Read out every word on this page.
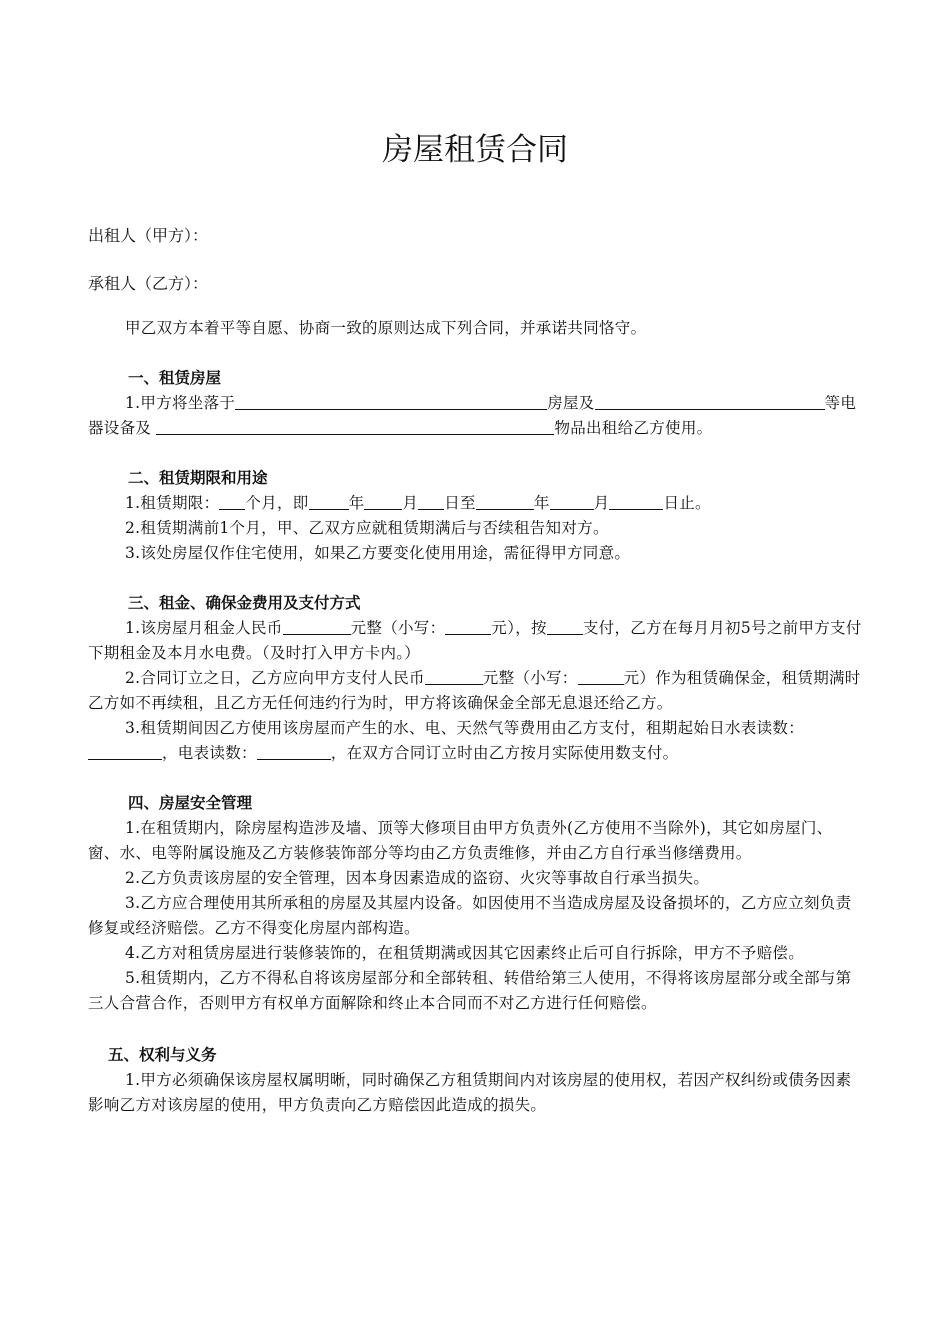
房屋租赁合同
出租人（甲方）：
承租人（乙方）：
甲乙双方本着平等自愿、协商一致的原则达成下列合同，并承诺共同恪守。
一、租赁房屋
1.甲方将坐落于	房屋及	等电器设备及	物品出租给乙方使用。
二、租赁期限和用途
1.租赁期限： 个月，即	年 月 日至	年	月	日止。
2.租赁期满前1个月，甲、乙双方应就租赁期满后与否续租告知对方。
3.该处房屋仅作住宅使用，如果乙方要变化使用用途，需征得甲方同意。
三、租金、确保金费用及支付方式
1.该房屋月租金人民币	元整（小写：	元），按 支付，乙方在每月月初5号之前甲方支付下期租金及本月水电费。（及时打入甲方卡内。）
2.合同订立之日，乙方应向甲方支付人民币	元整（小写：	元）作为租赁确保金，租赁期满时乙方如不再续租，且乙方无任何违约行为时，甲方将该确保金全部无息退还给乙方。
3.租赁期间因乙方使用该房屋而产生的水、电、天然气等费用由乙方支付，租期起始日水表读数：，电表读数：	，在双方合同订立时由乙方按月实际使用数支付。
四、房屋安全管理
1.在租赁期内，除房屋构造涉及墙、顶等大修项目由甲方负责外(乙方使用不当除外)，其它如房屋门、窗、水、电等附属设施及乙方装修装饰部分等均由乙方负责维修，并由乙方自行承当修缮费用。
2.乙方负责该房屋的安全管理，因本身因素造成的盗窃、火灾等事故自行承当损失。
3.乙方应合理使用其所承租的房屋及其屋内设备。如因使用不当造成房屋及设备损坏的，乙方应立刻负责修复或经济赔偿。乙方不得变化房屋内部构造。
4.乙方对租赁房屋进行装修装饰的，在租赁期满或因其它因素终止后可自行拆除，甲方不予赔偿。
5.租赁期内，乙方不得私自将该房屋部分和全部转租、转借给第三人使用，不得将该房屋部分或全部与第三人合营合作，否则甲方有权单方面解除和终止本合同而不对乙方进行任何赔偿。
五、权利与义务
1.甲方必须确保该房屋权属明晰，同时确保乙方租赁期间内对该房屋的使用权，若因产权纠纷或债务因素影响乙方对该房屋的使用，甲方负责向乙方赔偿因此造成的损失。
